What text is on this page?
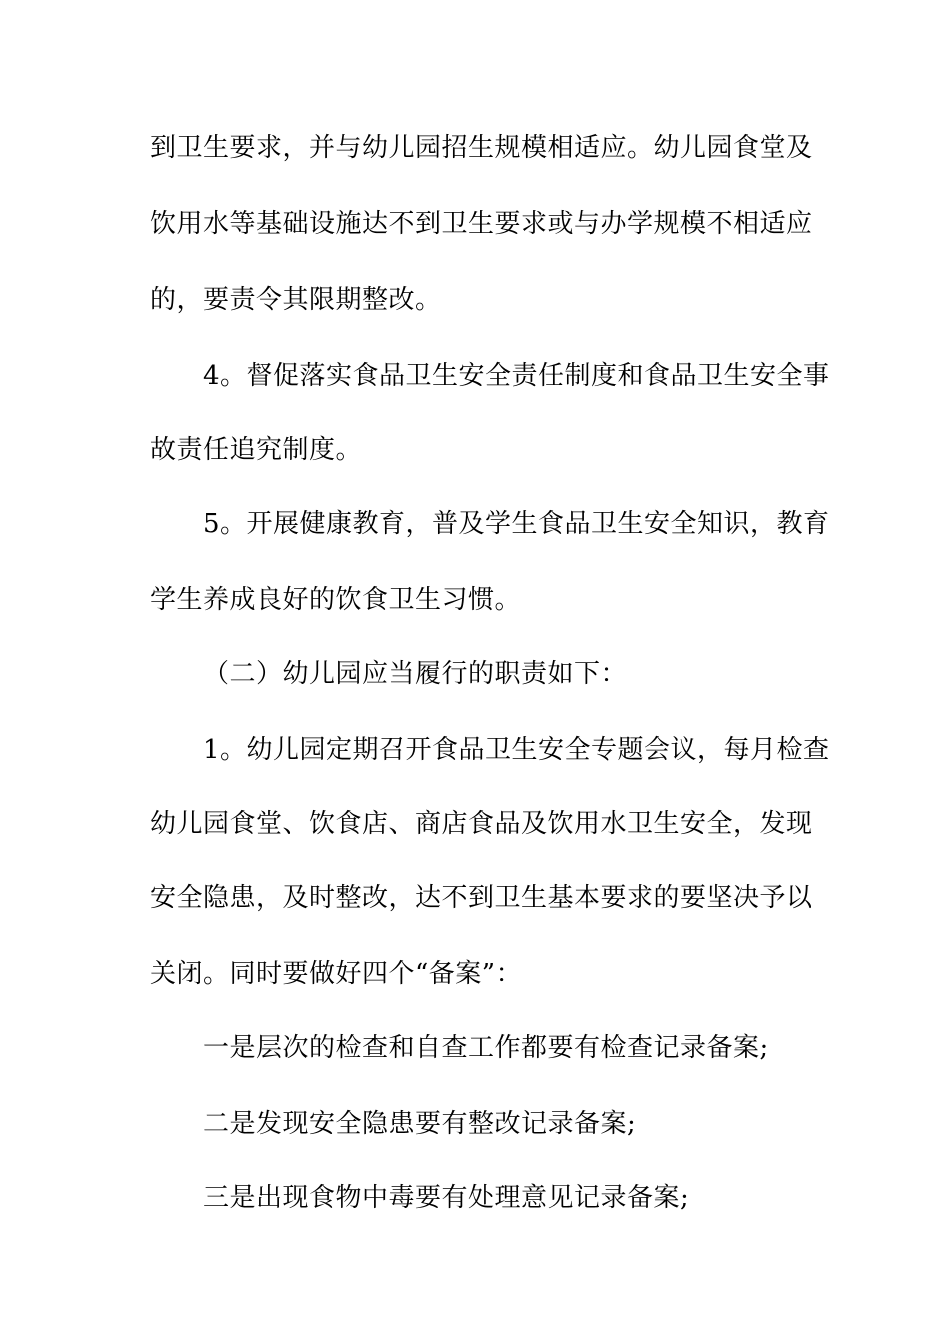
到卫生要求，并与幼儿园招生规模相适应。幼儿园食堂及
饮用水等基础设施达不到卫生要求或与办学规模不相适应
的，要责令其限期整改。
4。督促落实食品卫生安全责任制度和食品卫生安全事
故责任追究制度。
5。开展健康教育，普及学生食品卫生安全知识，教育
学生养成良好的饮食卫生习惯。
（二）幼儿园应当履行的职责如下：
1。幼儿园定期召开食品卫生安全专题会议，每月检查
幼儿园食堂、饮食店、商店食品及饮用水卫生安全，发现
安全隐患，及时整改，达不到卫生基本要求的要坚决予以
关闭。同时要做好四个“备案”：
一是层次的检查和自查工作都要有检查记录备案;
二是发现安全隐患要有整改记录备案;
三是出现食物中毒要有处理意见记录备案;
